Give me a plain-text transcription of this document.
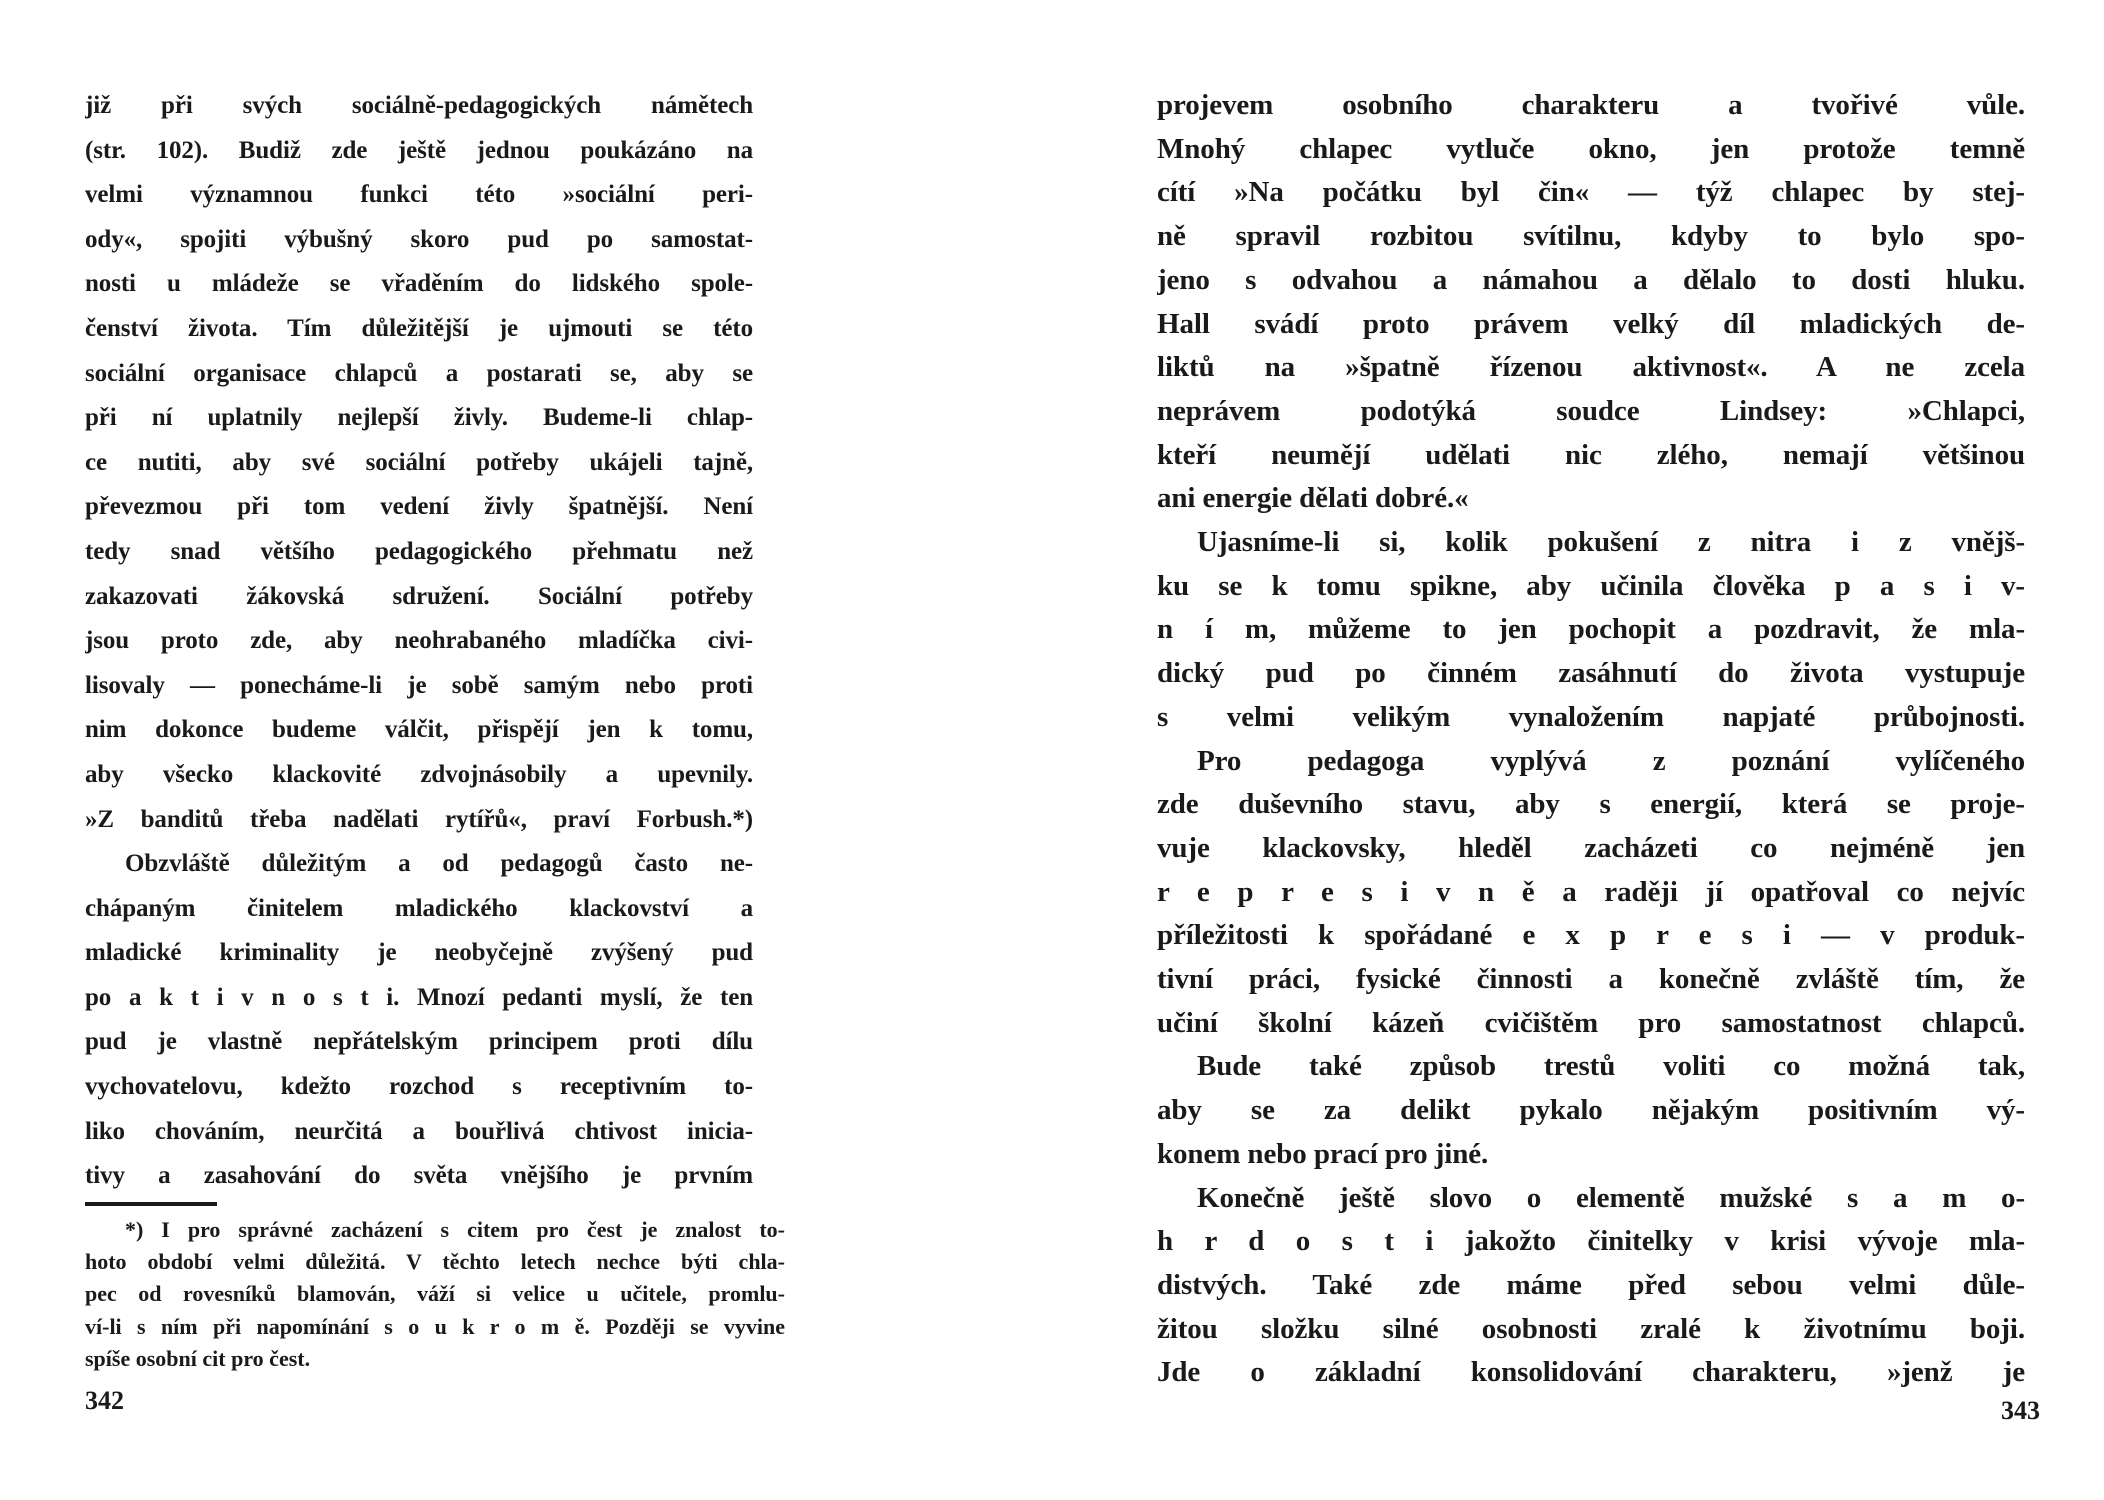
již při svých sociálně-pedagogických námětech
(str. 102). Budiž zde ještě jednou poukázáno na
velmi významnou funkci této »sociální peri-
ody«, spojiti výbušný skoro pud po samostat-
nosti u mládeže se vřaděním do lidského spole-
čenství života. Tím důležitější je ujmouti se této
sociální organisace chlapců a postarati se, aby se
při ní uplatnily nejlepší živly. Budeme-li chlap-
ce nutiti, aby své sociální potřeby ukájeli tajně,
převezmou při tom vedení živly špatnější. Není
tedy snad většího pedagogického přehmatu než
zakazovati žákovská sdružení. Sociální potřeby
jsou proto zde, aby neohrabaného mladíčka civi-
lisovaly — ponecháme-li je sobě samým nebo proti
nim dokonce budeme válčit, přispějí jen k tomu,
aby všecko klackovité zdvojnásobily a upevnily.
»Z banditů třeba nadělati rytířů«, praví Forbush.*)
Obzvláště důležitým a od pedagogů často ne-
chápaným činitelem mladického klackovství a
mladické kriminality je neobyčejně zvýšený pud
po a k t i v n o s t i. Mnozí pedanti myslí, že ten
pud je vlastně nepřátelským principem proti dílu
vychovatelovu, kdežto rozchod s receptivním to-
liko chováním, neurčitá a bouřlivá chtivost inicia-
tivy a zasahování do světa vnějšího je prvním
*) I pro správné zacházení s citem pro čest je znalost to-
hoto období velmi důležitá. V těchto letech nechce býti chla-
pec od rovesníků blamován, váží si velice u učitele, promlu-
ví-li s ním při napomínání s o u k r o m ě. Později se vyvine
spíše osobní cit pro čest.
342
projevem osobního charakteru a tvořivé vůle.
Mnohý chlapec vytluče okno, jen protože temně
cítí »Na počátku byl čin« — týž chlapec by stej-
ně spravil rozbitou svítilnu, kdyby to bylo spo-
jeno s odvahou a námahou a dělalo to dosti hluku.
Hall svádí proto právem velký díl mladických de-
liktů na »špatně řízenou aktivnost«. A ne zcela
neprávem podotýká soudce Lindsey: »Chlapci,
kteří neumějí udělati nic zlého, nemají většinou
ani energie dělati dobré.«
Ujasníme-li si, kolik pokušení z nitra i z vnějš-
ku se k tomu spikne, aby učinila člověka p a s i v-
n í m, můžeme to jen pochopit a pozdravit, že mla-
dický pud po činném zasáhnutí do života vystupuje
s velmi velikým vynaložením napjaté průbojnosti.
Pro pedagoga vyplývá z poznání vylíčeného
zde duševního stavu, aby s energií, která se proje-
vuje klackovsky, hleděl zacházeti co nejméně jen
r e p r e s i v n ě a raději jí opatřoval co nejvíc
příležitosti k spořádané e x p r e s i — v produk-
tivní práci, fysické činnosti a konečně zvláště tím, že
učiní školní kázeň cvičištěm pro samostatnost chlapců.
Bude také způsob trestů voliti co možná tak,
aby se za delikt pykalo nějakým positivním vý-
konem nebo prací pro jiné.
Konečně ještě slovo o elementě mužské s a m o-
h r d o s t i jakožto činitelky v krisi vývoje mla-
distvých. Také zde máme před sebou velmi důle-
žitou složku silné osobnosti zralé k životnímu boji.
Jde o základní konsolidování charakteru, »jenž je
343
